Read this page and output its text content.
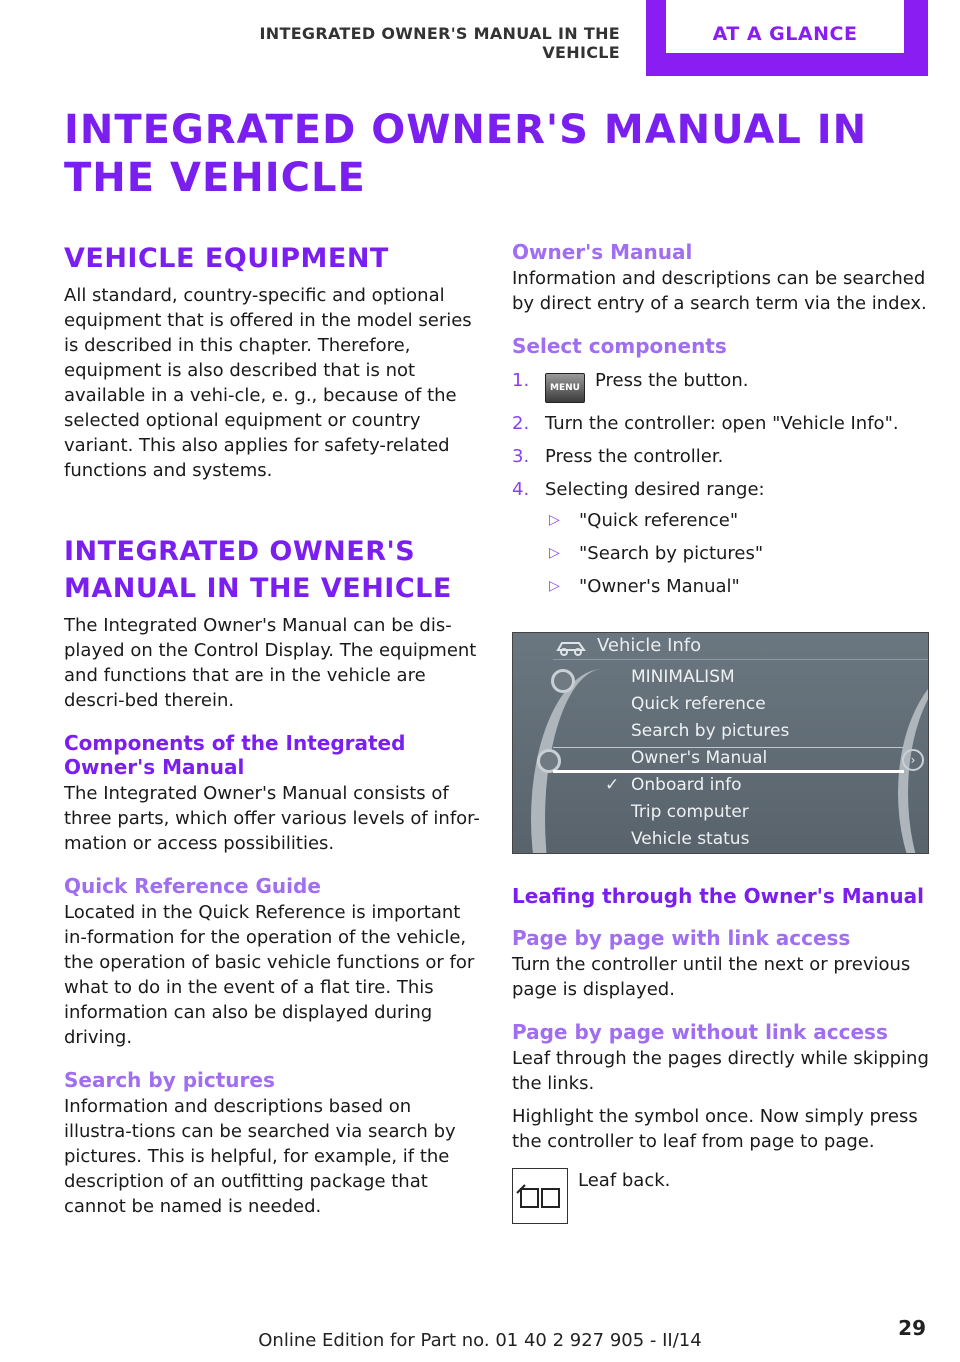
INTEGRATED OWNER'S MANUAL IN THE VEHICLE
AT A GLANCE
INTEGRATED OWNER'S MANUAL IN THE VEHICLE
VEHICLE EQUIPMENT

All standard, country-specific and optional equipment that is offered in the model series is described in this chapter. Therefore, equipment is also described that is not available in a vehi-cle, e. g., because of the selected optional equipment or country variant. This also applies for safety-related functions and systems.

INTEGRATED OWNER'S MANUAL IN THE VEHICLE

The Integrated Owner's Manual can be dis-played on the Control Display. The equipment and functions that are in the vehicle are descri-bed therein.

Components of the Integrated Owner's Manual

The Integrated Owner's Manual consists of three parts, which offer various levels of infor-mation or access possibilities.

Quick Reference Guide

Located in the Quick Reference is important in-formation for the operation of the vehicle, the operation of basic vehicle functions or for what to do in the event of a flat tire. This information can also be displayed during driving.

Search by pictures

Information and descriptions based on illustra-tions can be searched via search by pictures. This is helpful, for example, if the description of an outfitting package that cannot be named is needed.

Owner's Manual

Information and descriptions can be searched by direct entry of a search term via the index.

Select components
1. MENU Press the button.
2. Turn the controller: open "Vehicle Info".
3. Press the controller.
4. Selecting desired range:
▷ "Quick reference"
▷ "Search by pictures"
▷ "Owner's Manual"
Vehicle Info
MINIMALISM
Quick reference
Search by pictures
Owner's Manual
✓ Onboard info
Trip computer
Vehicle status
›
Leafing through the Owner's Manual
Page by page with link access

Turn the controller until the next or previous page is displayed.

Page by page without link access

Leaf through the pages directly while skipping the links.

Highlight the symbol once. Now simply press the controller to leaf from page to page.

Leaf back.
29
Online Edition for Part no. 01 40 2 927 905 - II/14
